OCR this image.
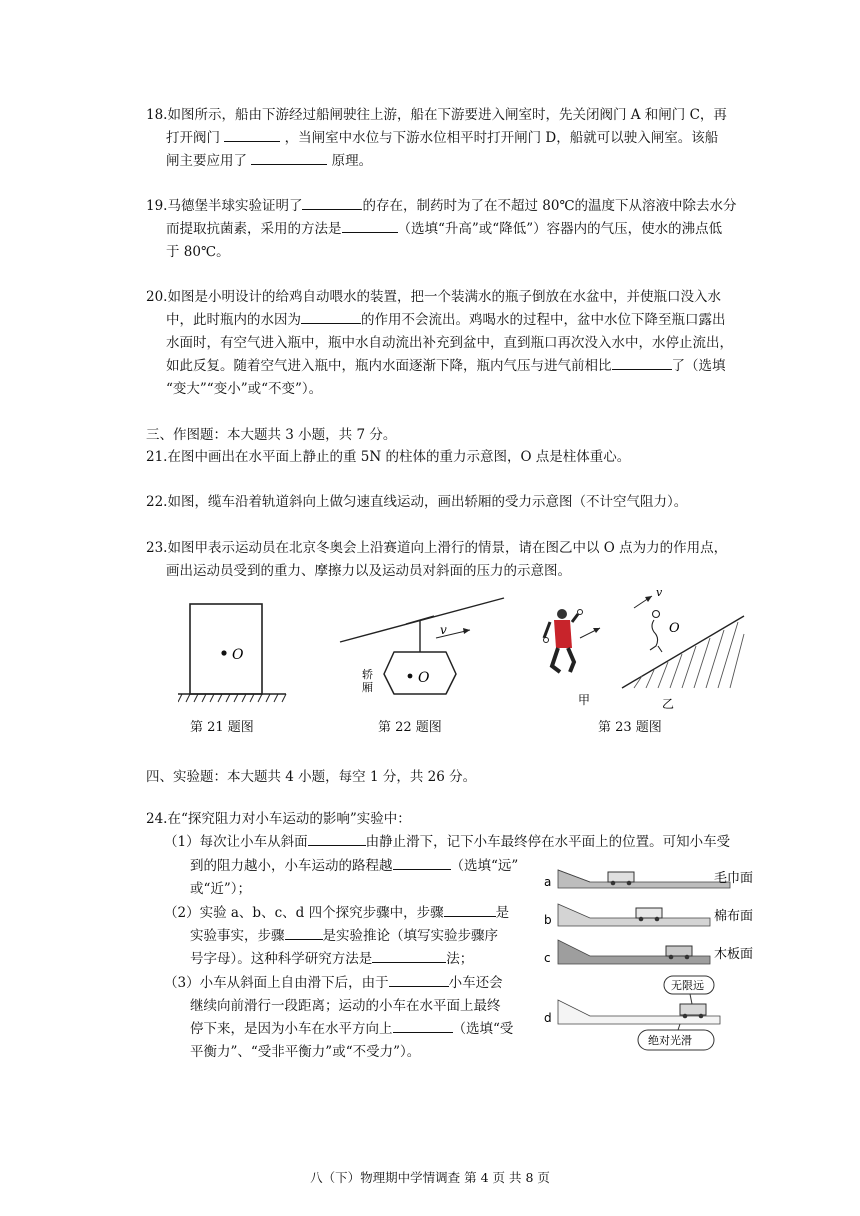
18.如图所示，船由下游经过船闸驶往上游，船在下游要进入闸室时，先关闭阀门 A 和闸门 C，再
打开阀门	，当闸室中水位与下游水位相平时打开闸门 D，船就可以驶入闸室。该船
闸主要应用了	原理。
19.马德堡半球实验证明了	的存在，制药时为了在不超过 80℃的温度下从溶液中除去水分
而提取抗菌素，采用的方法是	（选填“升高”或“降低”）容器内的气压，使水的沸点低
于 80℃。
20.如图是小明设计的给鸡自动喂水的装置，把一个装满水的瓶子倒放在水盆中，并使瓶口没入水
中，此时瓶内的水因为	的作用不会流出。鸡喝水的过程中，盆中水位下降至瓶口露出
水面时，有空气进入瓶中，瓶中水自动流出补充到盆中，直到瓶口再次没入水中，水停止流出，
如此反复。随着空气进入瓶中，瓶内水面逐渐下降，瓶内气压与进气前相比	了（选填
“变大”“变小”或“不变”）。
三、作图题：本大题共 3 小题，共 7 分。
21.在图中画出在水平面上静止的重 5N 的柱体的重力示意图，O 点是柱体重心。
22.如图，缆车沿着轨道斜向上做匀速直线运动，画出轿厢的受力示意图（不计空气阻力）。
23.如图甲表示运动员在北京冬奥会上沿赛道向上滑行的情景，请在图乙中以 O 点为力的作用点，
画出运动员受到的重力、摩擦力以及运动员对斜面的压力的示意图。
O
第 21 题图
O
v
轿
厢
第 22 题图
甲
O
v
乙
第 23 题图
四、实验题：本大题共 4 小题，每空 1 分，共 26 分。
24.在“探究阻力对小车运动的影响”实验中：
（1）每次让小车从斜面	由静止滑下，记下小车最终停在水平面上的位置。可知小车受
到的阻力越小，小车运动的路程越	（选填“远”
或“近”）；
（2）实验 a、b、c、d 四个探究步骤中，步骤	是
实验事实，步骤	是实验推论（填写实验步骤序
号字母）。这种科学研究方法是	法；
（3）小车从斜面上自由滑下后，由于	小车还会
继续向前滑行一段距离；运动的小车在水平面上最终
停下来，是因为小车在水平方向上	（选填“受
平衡力”、“受非平衡力”或“不受力”）。
a	毛巾面
b	棉布面
c	木板面
d
无限远
绝对光滑
八（下）物理期中学情调查 第 4 页 共 8 页
